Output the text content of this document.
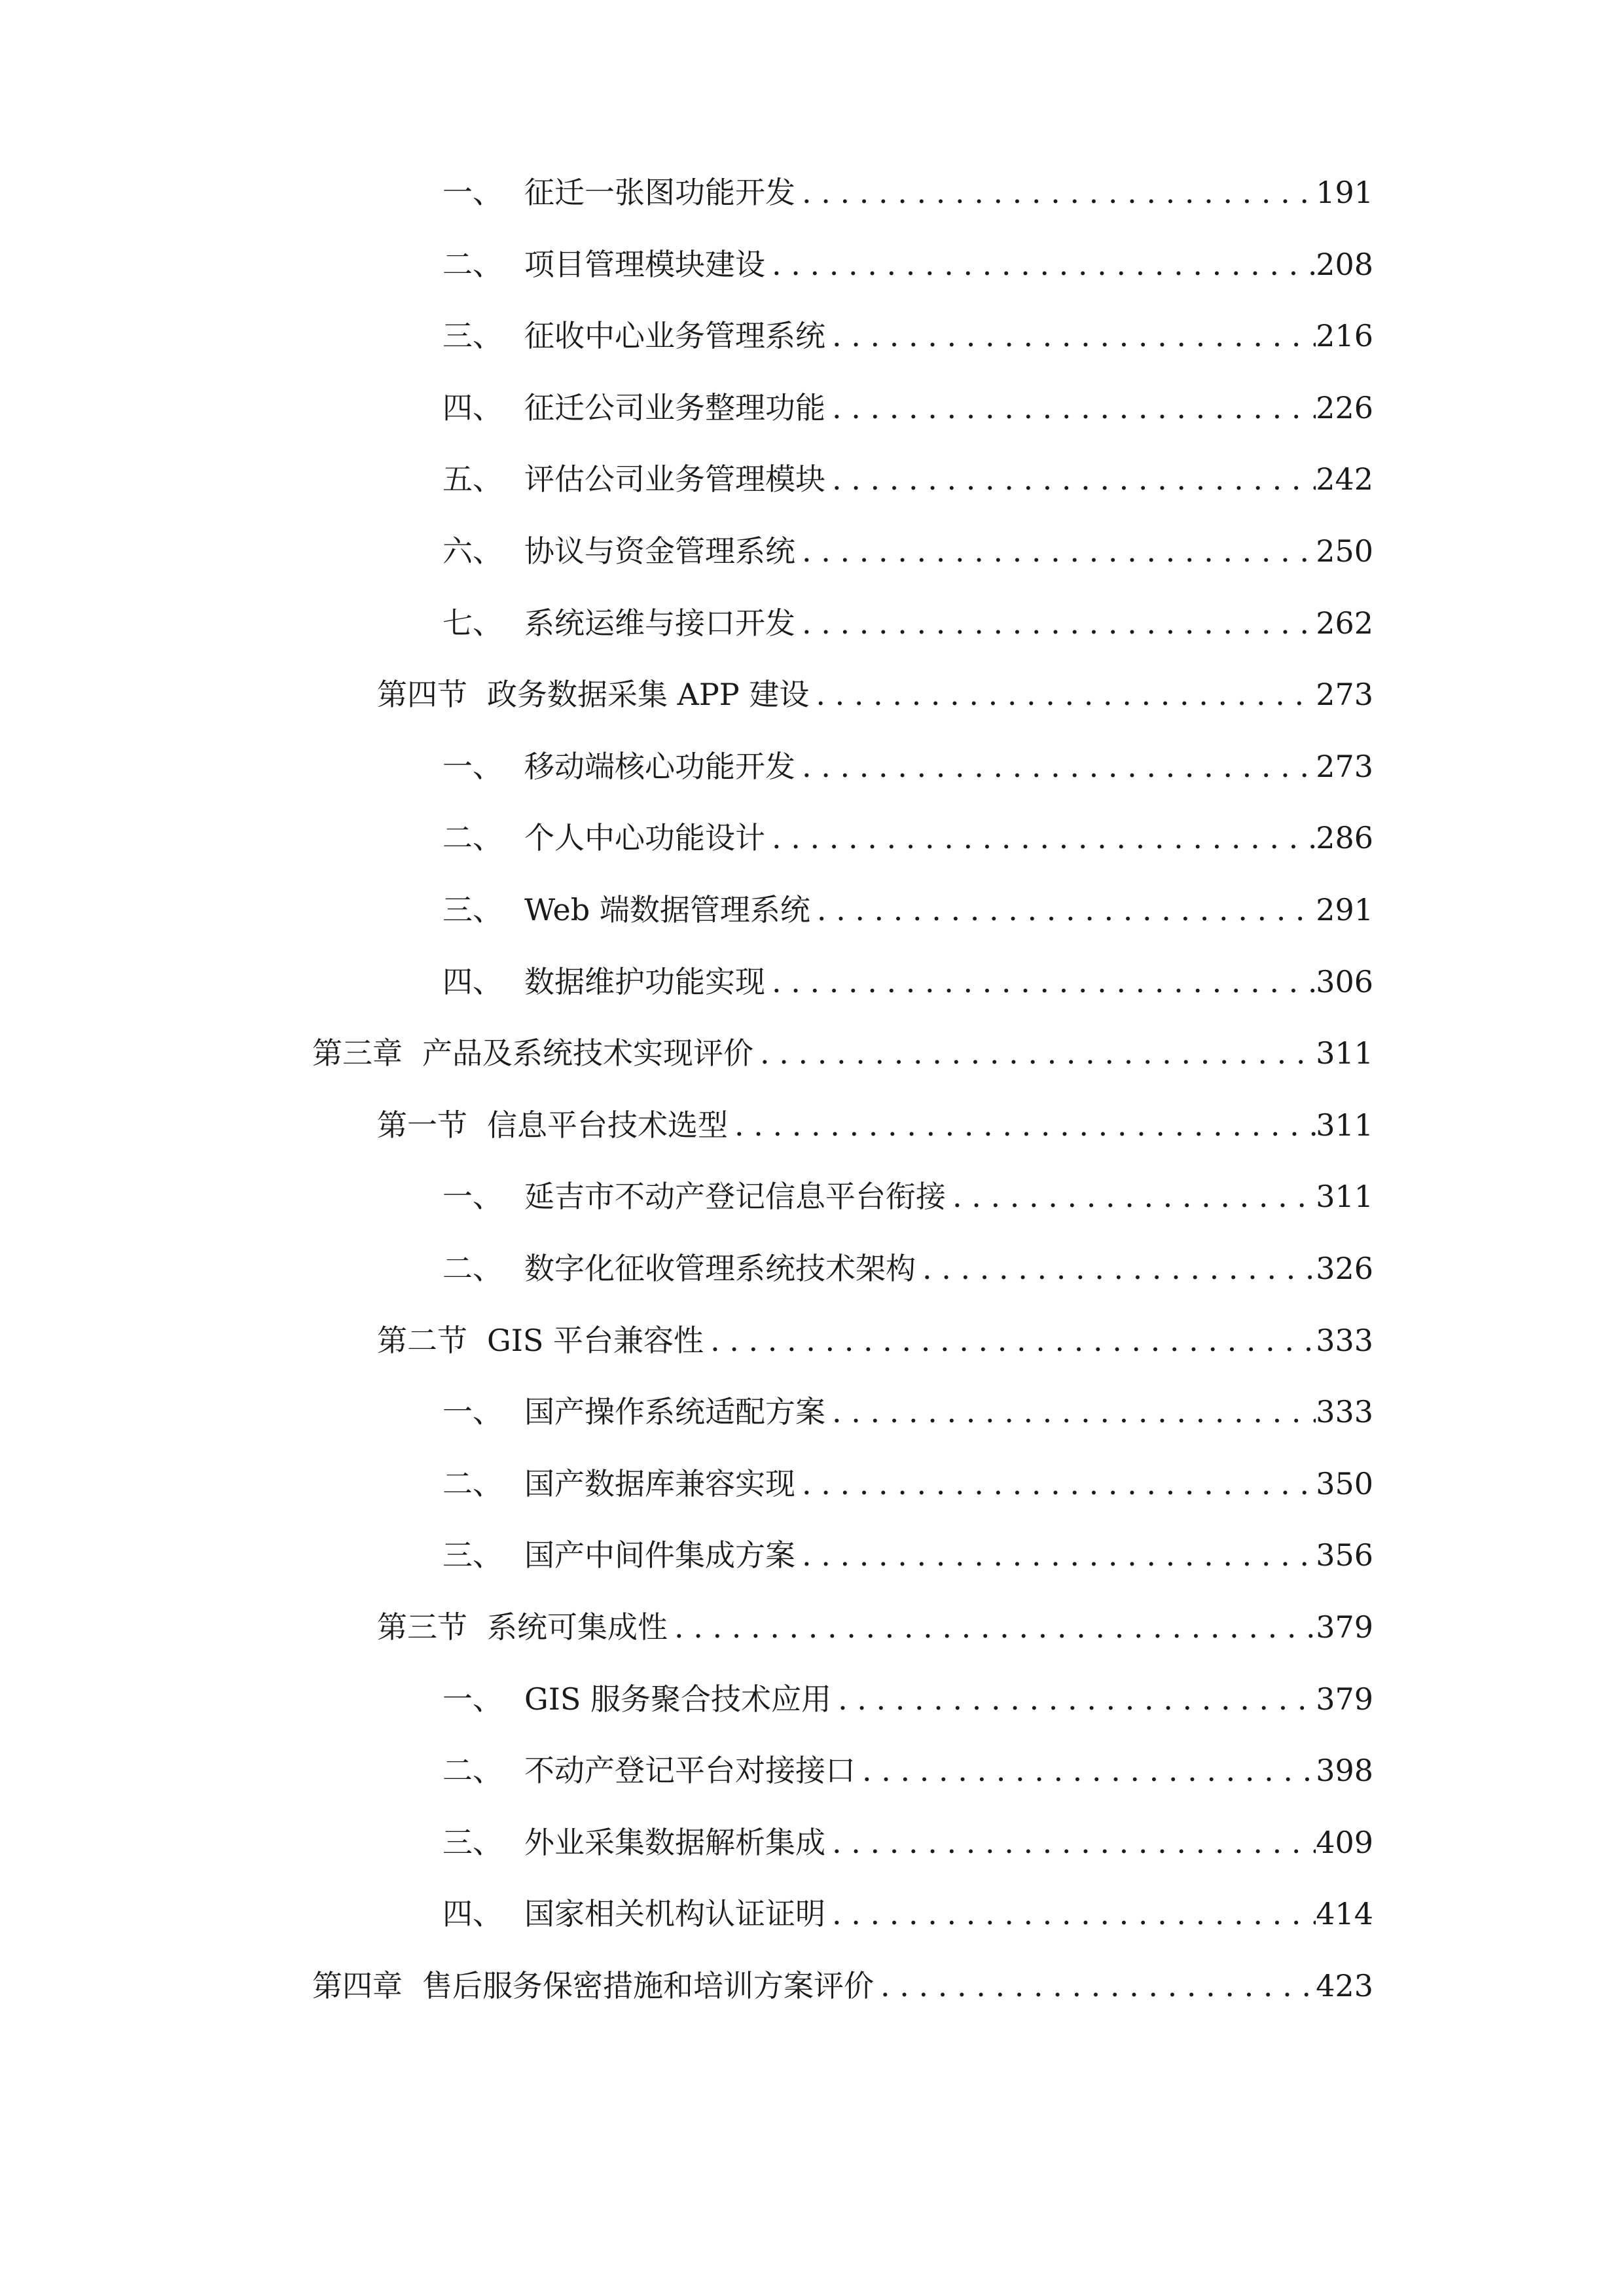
一、 征迁一张图功能开发 . . .	191
二、 项目管理模块建设 . . .	208
三、 征收中心业务管理系统 . . .	216
四、 征迁公司业务整理功能 . . .	226
五、 评估公司业务管理模块 . . .	242
六、 协议与资金管理系统 . . .	250
七、 系统运维与接口开发 . . .	262
第四节 政务数据采集 APP 建设 . . .	273
一、 移动端核心功能开发 . . .	273
二、 个人中心功能设计 . . .	286
三、 Web 端数据管理系统 . . .	291
四、 数据维护功能实现 . . .	306
第三章 产品及系统技术实现评价 . . .	311
第一节 信息平台技术选型 . . .	311
一、 延吉市不动产登记信息平台衔接 . . .	311
二、 数字化征收管理系统技术架构 . . .	326
第二节 GIS 平台兼容性 . . .	333
一、 国产操作系统适配方案 . . .	333
二、 国产数据库兼容实现 . . .	350
三、 国产中间件集成方案 . . .	356
第三节 系统可集成性 . . .	379
一、 GIS 服务聚合技术应用 . . .	379
二、 不动产登记平台对接接口 . . .	398
三、 外业采集数据解析集成 . . .	409
四、 国家相关机构认证证明 . . .	414
第四章 售后服务保密措施和培训方案评价 . . .	423
